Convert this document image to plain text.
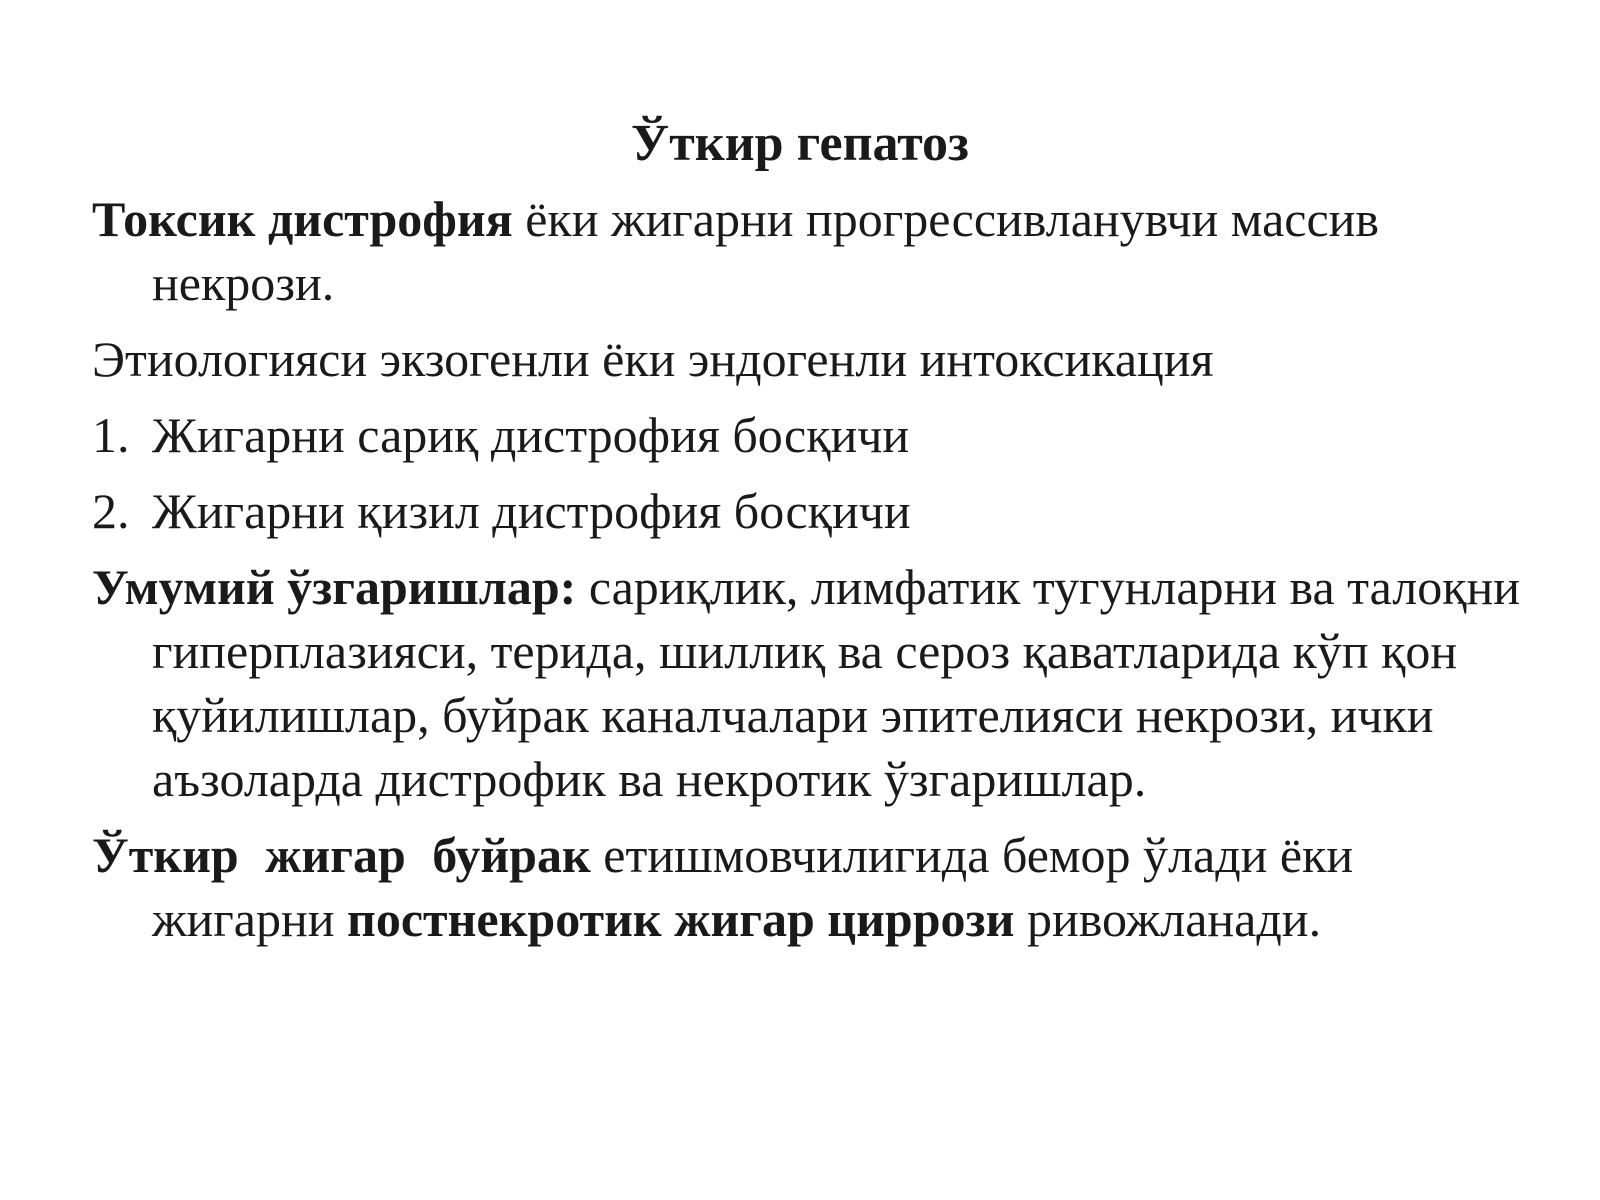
Ўткир гепатоз

Токсик дистрофия ёки жигарни прогрессивланувчи массив некрози.

Этиологияси экзогенли ёки эндогенли интоксикация

1. Жигарни сариқ дистрофия босқичи

2. Жигарни қизил дистрофия босқичи

Умумий ўзгаришлар: сариқлик, лимфатик тугунларни ва талоқни гиперплазияси, терида, шиллиқ ва сероз қаватларида кўп қон қуйилишлар, буйрак каналчалари эпителияси некрози, ички аъзоларда дистрофик ва некротик ўзгаришлар.

Ўткир жигар буйрак етишмовчилигида бемор ўлади ёки жигарни постнекротик жигар циррози ривожланади.
